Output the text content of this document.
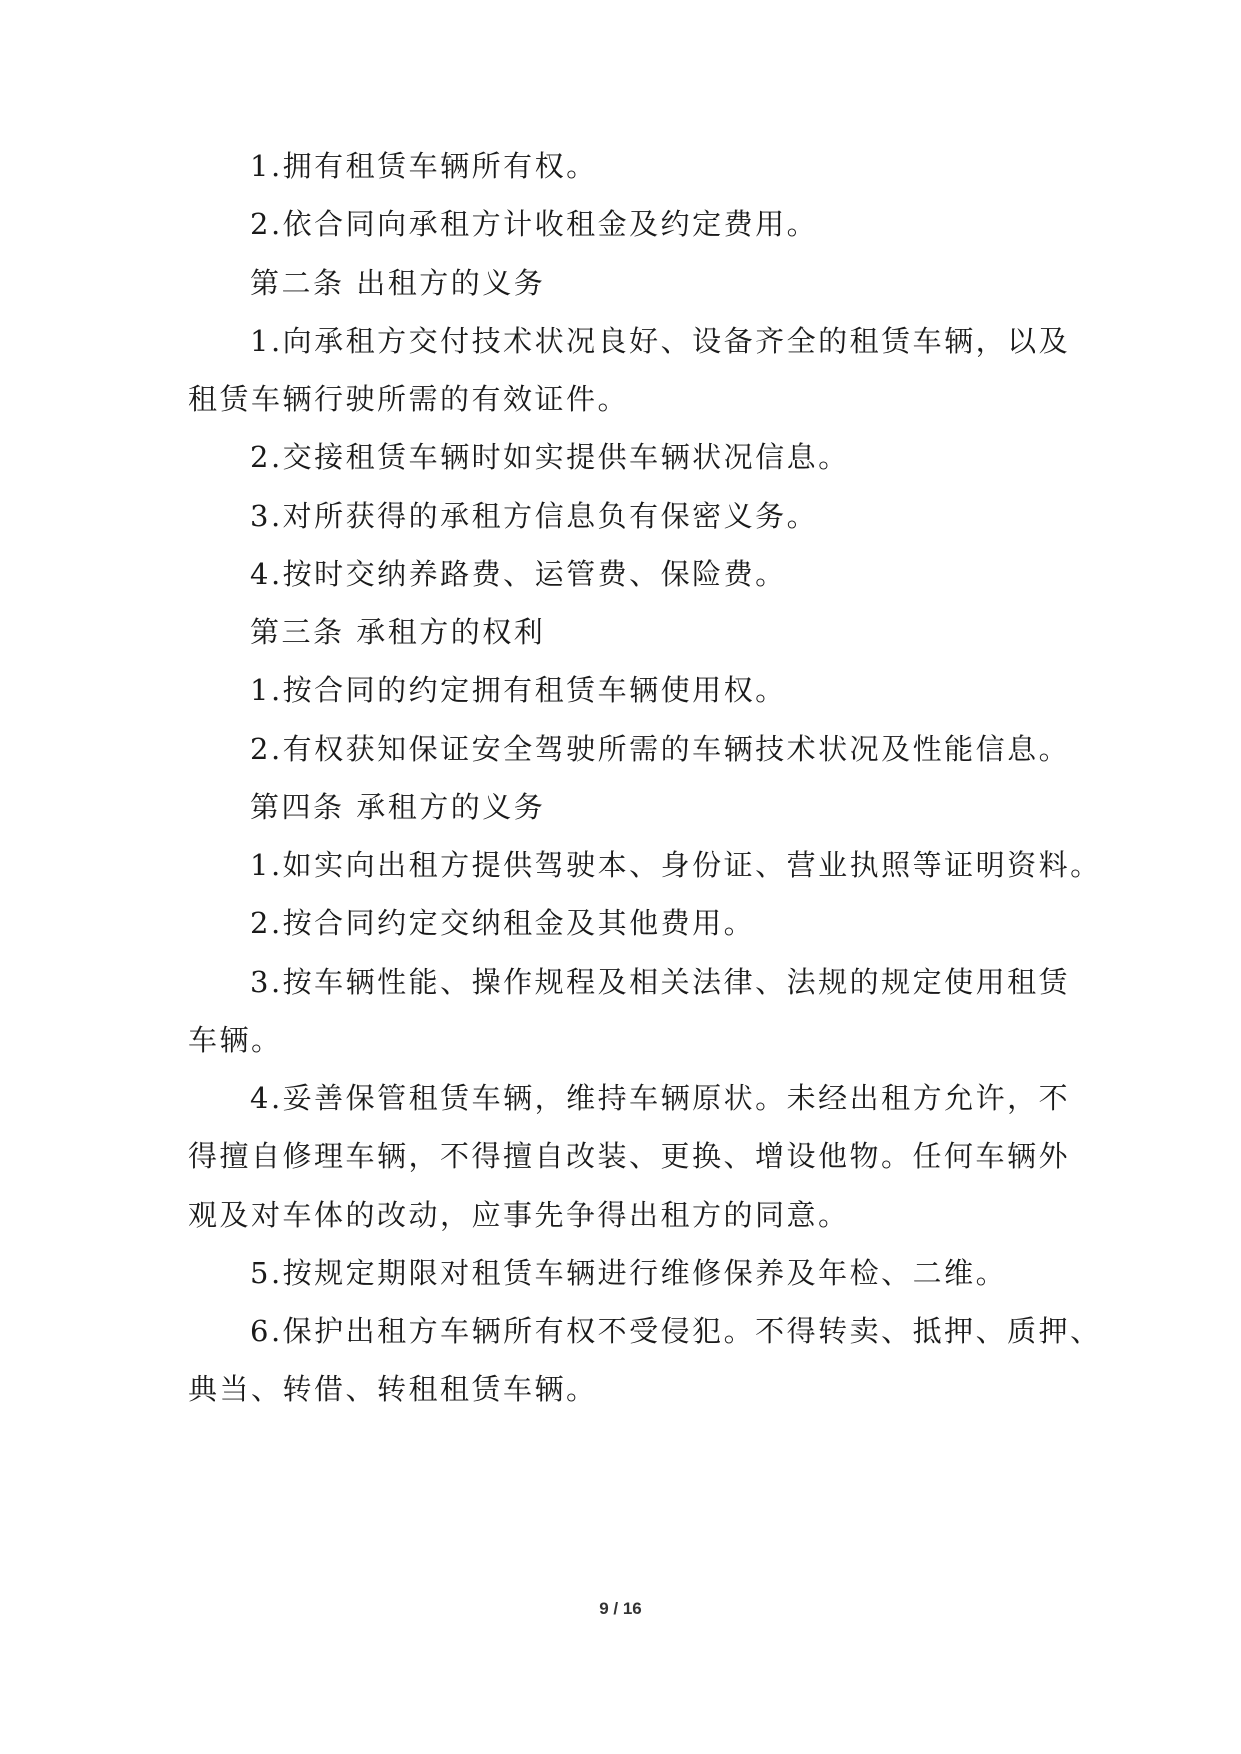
1.拥有租赁车辆所有权。
2.依合同向承租方计收租金及约定费用。
第二条 出租方的义务
1.向承租方交付技术状况良好、设备齐全的租赁车辆，以及
租赁车辆行驶所需的有效证件。
2.交接租赁车辆时如实提供车辆状况信息。
3.对所获得的承租方信息负有保密义务。
4.按时交纳养路费、运管费、保险费。
第三条 承租方的权利
1.按合同的约定拥有租赁车辆使用权。
2.有权获知保证安全驾驶所需的车辆技术状况及性能信息。
第四条 承租方的义务
1.如实向出租方提供驾驶本、身份证、营业执照等证明资料。
2.按合同约定交纳租金及其他费用。
3.按车辆性能、操作规程及相关法律、法规的规定使用租赁
车辆。
4.妥善保管租赁车辆，维持车辆原状。未经出租方允许，不
得擅自修理车辆，不得擅自改装、更换、增设他物。任何车辆外
观及对车体的改动，应事先争得出租方的同意。
5.按规定期限对租赁车辆进行维修保养及年检、二维。
6.保护出租方车辆所有权不受侵犯。不得转卖、抵押、质押、
典当、转借、转租租赁车辆。
9 / 16
